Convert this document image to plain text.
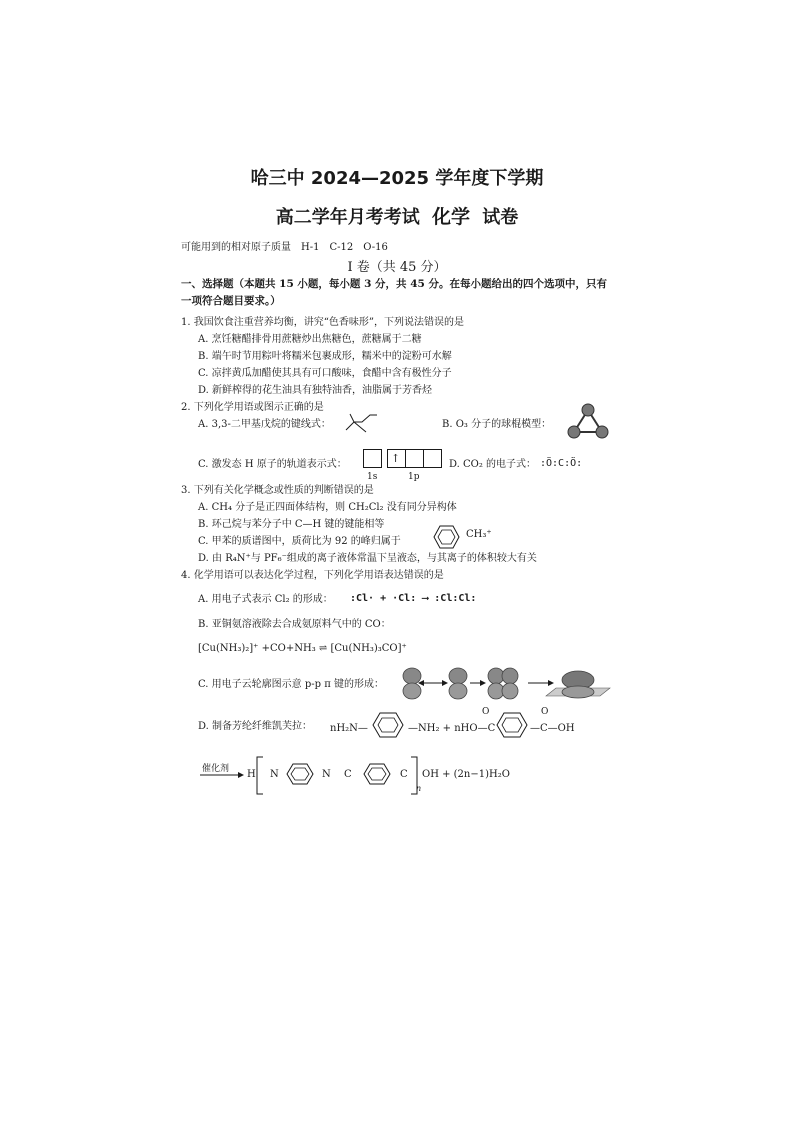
哈三中 2024—2025 学年度下学期
高二学年月考考试 化学 试卷
可能用到的相对原子质量　H-1　C-12　O-16
I 卷（共 45 分）
一、选择题（本题共 15 小题，每小题 3 分，共 45 分。在每小题给出的四个选项中，只有一项符合题目要求。）
1. 我国饮食注重营养均衡，讲究“色香味形”，下列说法错误的是
A. 烹饪糖醋排骨用蔗糖炒出焦糖色，蔗糖属于二糖
B. 端午时节用粽叶将糯米包裹成形，糯米中的淀粉可水解
C. 凉拌黄瓜加醋使其具有可口酸味，食醋中含有极性分子
D. 新鲜榨得的花生油具有独特油香，油脂属于芳香烃
2. 下列化学用语或图示正确的是
A. 3,3-二甲基戊烷的键线式：	B. O₃ 分子的球棍模型：
C. 激发态 H 原子的轨道表示式：	↑
1s	1p
D. CO₂ 的电子式： :Ö:C:Ö:
3. 下列有关化学概念或性质的判断错误的是
A. CH₄ 分子是正四面体结构，则 CH₂Cl₂ 没有同分异构体
B. 环己烷与苯分子中 C—H 键的键能相等
C. 甲苯的质谱图中，质荷比为 92 的峰归属于
CH₃⁺
D. 由 R₄N⁺与 PF₆⁻组成的离子液体常温下呈液态，与其离子的体积较大有关
4. 化学用语可以表达化学过程，下列化学用语表达错误的是
A. 用电子式表示 Cl₂ 的形成： :Cl· + ·Cl: ⟶ :Cl:Cl:
B. 亚铜氨溶液除去合成氨原料气中的 CO：
[Cu(NH₃)₂]⁺ +CO+NH₃ ⇌ [Cu(NH₃)₃CO]⁺
C. 用电子云轮廓图示意 p-p π 键的形成：
D. 制备芳纶纤维凯芙拉： nH₂N—	—NH₂ + nHO—C
O	O
—C—OH
催化剂 → H N	N C	C
n
OH + (2n−1)H₂O
